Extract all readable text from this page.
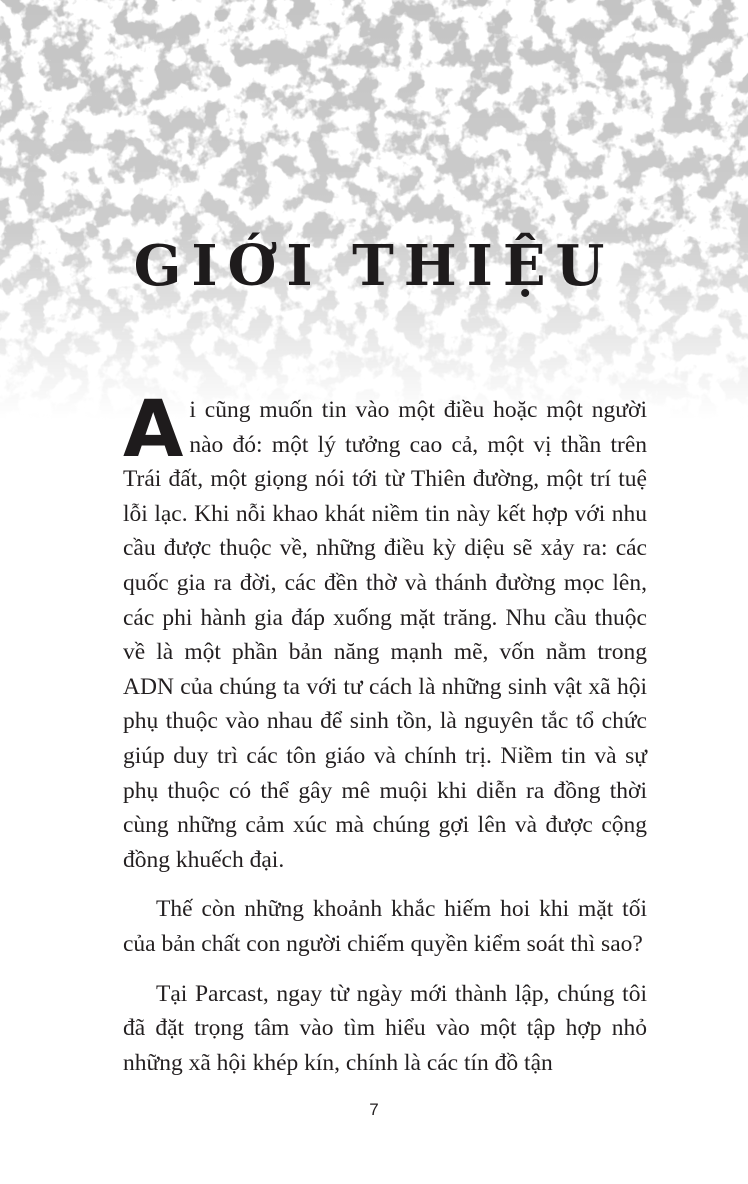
GIỚI THIỆU

Ai cũng muốn tin vào một điều hoặc một người nào đó: một lý tưởng cao cả, một vị thần trên Trái đất, một giọng nói tới từ Thiên đường, một trí tuệ lỗi lạc. Khi nỗi khao khát niềm tin này kết hợp với nhu cầu được thuộc về, những điều kỳ diệu sẽ xảy ra: các quốc gia ra đời, các đền thờ và thánh đường mọc lên, các phi hành gia đáp xuống mặt trăng. Nhu cầu thuộc về là một phần bản năng mạnh mẽ, vốn nằm trong ADN của chúng ta với tư cách là những sinh vật xã hội phụ thuộc vào nhau để sinh tồn, là nguyên tắc tổ chức giúp duy trì các tôn giáo và chính trị. Niềm tin và sự phụ thuộc có thể gây mê muội khi diễn ra đồng thời cùng những cảm xúc mà chúng gợi lên và được cộng đồng khuếch đại.

Thế còn những khoảnh khắc hiếm hoi khi mặt tối của bản chất con người chiếm quyền kiểm soát thì sao?

Tại Parcast, ngay từ ngày mới thành lập, chúng tôi đã đặt trọng tâm vào tìm hiểu vào một tập hợp nhỏ những xã hội khép kín, chính là các tín đồ tận

7
